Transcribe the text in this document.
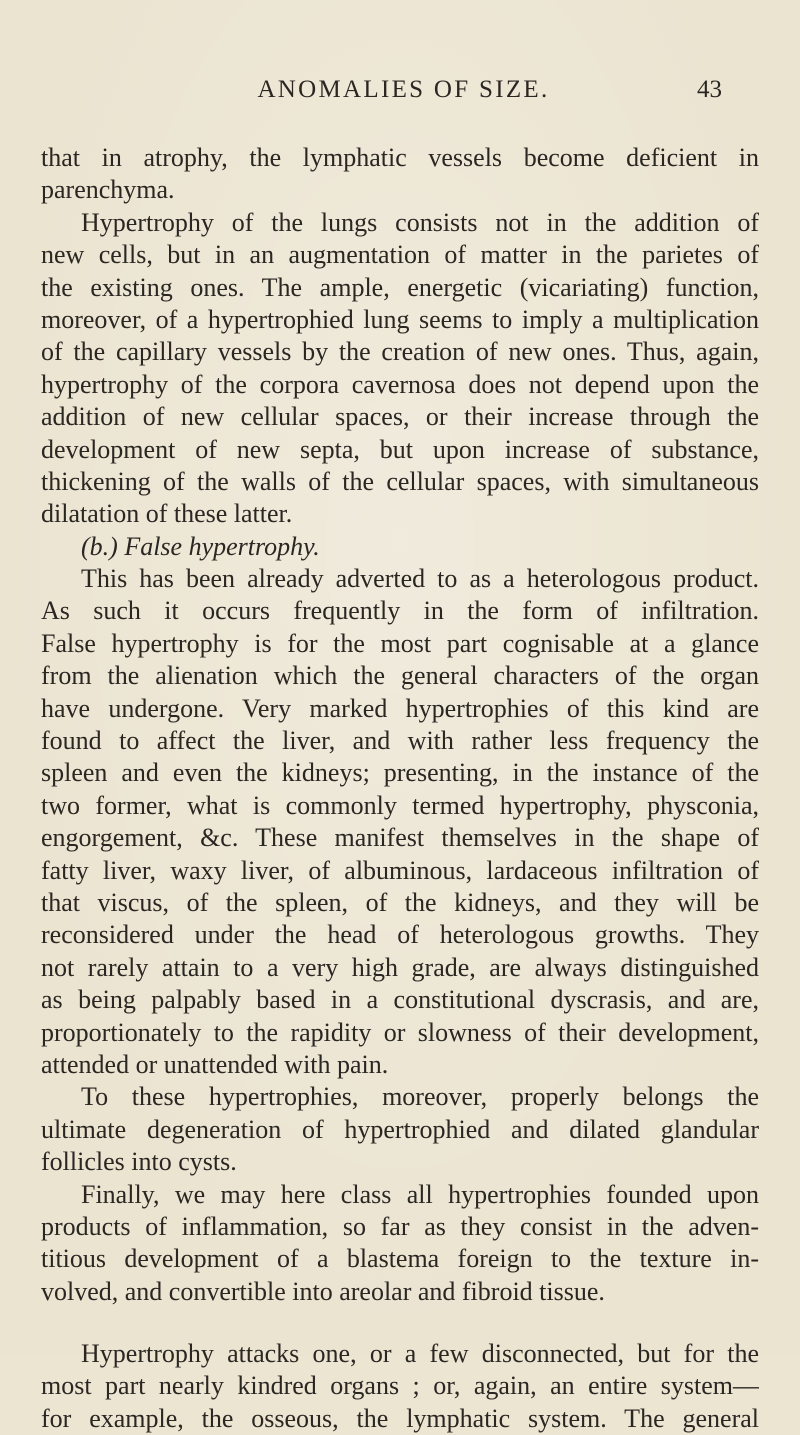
ANOMALIES OF SIZE.	43
that in atrophy, the lymphatic vessels become deficient in
parenchyma.
Hypertrophy of the lungs consists not in the addition of
new cells, but in an augmentation of matter in the parietes of
the existing ones. The ample, energetic (vicariating) function,
moreover, of a hypertrophied lung seems to imply a multiplication
of the capillary vessels by the creation of new ones. Thus, again,
hypertrophy of the corpora cavernosa does not depend upon the
addition of new cellular spaces, or their increase through the
development of new septa, but upon increase of substance,
thickening of the walls of the cellular spaces, with simultaneous
dilatation of these latter.
(b.) False hypertrophy.
This has been already adverted to as a heterologous product.
As such it occurs frequently in the form of infiltration.
False hypertrophy is for the most part cognisable at a glance
from the alienation which the general characters of the organ
have undergone. Very marked hypertrophies of this kind are
found to affect the liver, and with rather less frequency the
spleen and even the kidneys; presenting, in the instance of the
two former, what is commonly termed hypertrophy, physconia,
engorgement, &c. These manifest themselves in the shape of
fatty liver, waxy liver, of albuminous, lardaceous infiltration of
that viscus, of the spleen, of the kidneys, and they will be
reconsidered under the head of heterologous growths. They
not rarely attain to a very high grade, are always distinguished
as being palpably based in a constitutional dyscrasis, and are,
proportionately to the rapidity or slowness of their development,
attended or unattended with pain.
To these hypertrophies, moreover, properly belongs the
ultimate degeneration of hypertrophied and dilated glandular
follicles into cysts.
Finally, we may here class all hypertrophies founded upon
products of inflammation, so far as they consist in the adven-
titious development of a blastema foreign to the texture in-
volved, and convertible into areolar and fibroid tissue.
Hypertrophy attacks one, or a few disconnected, but for the
most part nearly kindred organs ; or, again, an entire system—
for example, the osseous, the lymphatic system. The general
